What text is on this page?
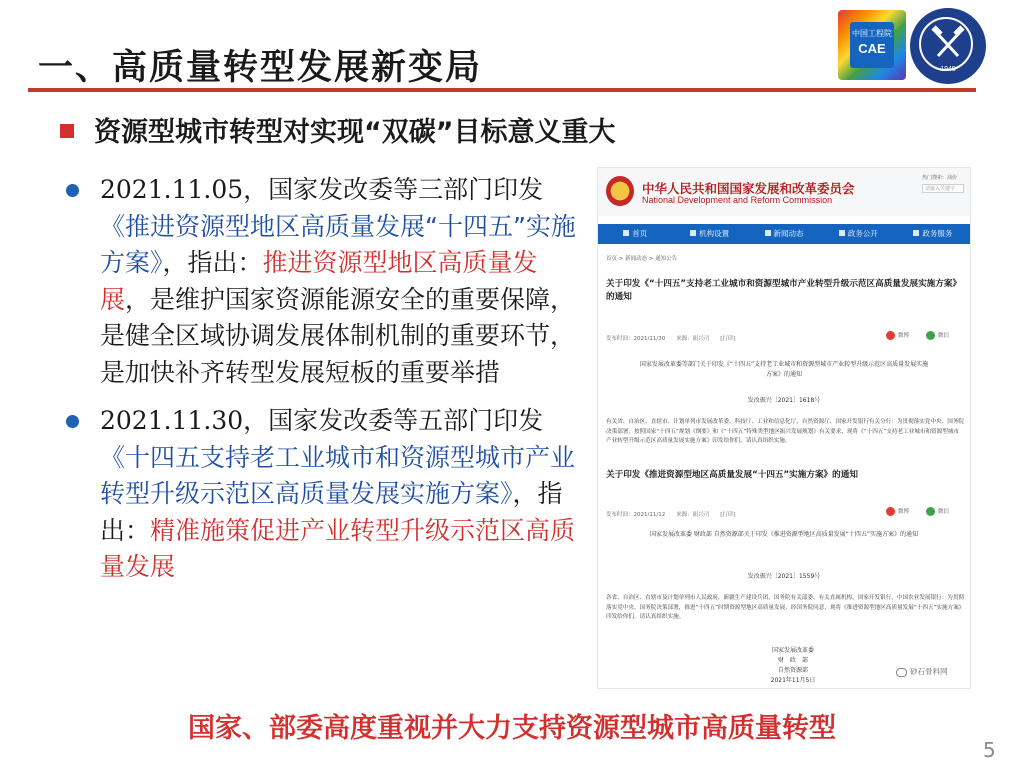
一、高质量转型发展新变局
中国工程院
CAE
1945
资源型城市转型对实现“双碳”目标意义重大
2021.11.05，国家发改委等三部门印发《推进资源型地区高质量发展“十四五”实施方案》，指出：推进资源型地区高质量发展，是维护国家资源能源安全的重要保障，是健全区域协调发展体制机制的重要环节，是加快补齐转型发展短板的重要举措
2021.11.30，国家发改委等五部门印发《十四五支持老工业城市和资源型城市产业转型升级示范区高质量发展实施方案》，指出：精准施策促进产业转型升级示范区高质量发展
中华人民共和国国家发展和改革委员会
National Development and Reform Commission
热门搜索：油价
请输入关键字
首页	机构设置	新闻动态	政务公开	政务服务
首页 > 新闻动态 > 通知公告
关于印发《“十四五”支持老工业城市和资源型城市产业转型升级示范区高质量发展实施方案》的通知
发布时间：2021/11/30　　来源：振兴司　　[打印]	微博	微信
国家发展改革委等部门关于印发《“十四五”支持老工业城市和资源型城市产业转型升级示范区高质量发展实施方案》的通知
发改振兴〔2021〕1618号
有关省、自治区、直辖市、计划单列市发展改革委、科技厅、工业和信息化厅、自然资源厅、国家开发银行有关分行：为贯彻落实党中央、国务院决策部署，按照国家“十四五”规划《纲要》和《“十四五”特殊类型地区振兴发展规划》有关要求，现将《“十四五”支持老工业城市和资源型城市产业转型升级示范区高质量发展实施方案》印发给你们，请认真组织实施。
关于印发《推进资源型地区高质量发展“十四五”实施方案》的通知
发布时间：2021/11/12　　来源：振兴司　　[打印]	微博	微信
国家发展改革委 财政部 自然资源部关于印发《推进资源型地区高质量发展“十四五”实施方案》的通知
发改振兴〔2021〕1559号
各省、自治区、直辖市及计划单列市人民政府，新疆生产建设兵团，国务院有关部委、有关直属机构，国家开发银行，中国农业发展银行：为贯彻落实党中央、国务院决策部署，推进“十四五”时期资源型地区高质量发展，经国务院同意，现将《推进资源型地区高质量发展“十四五”实施方案》印发给你们，请认真组织实施。
国家发展改革委
财　政　部
自然资源部
2021年11月5日
砂石骨料网
国家、部委高度重视并大力支持资源型城市高质量转型
5
